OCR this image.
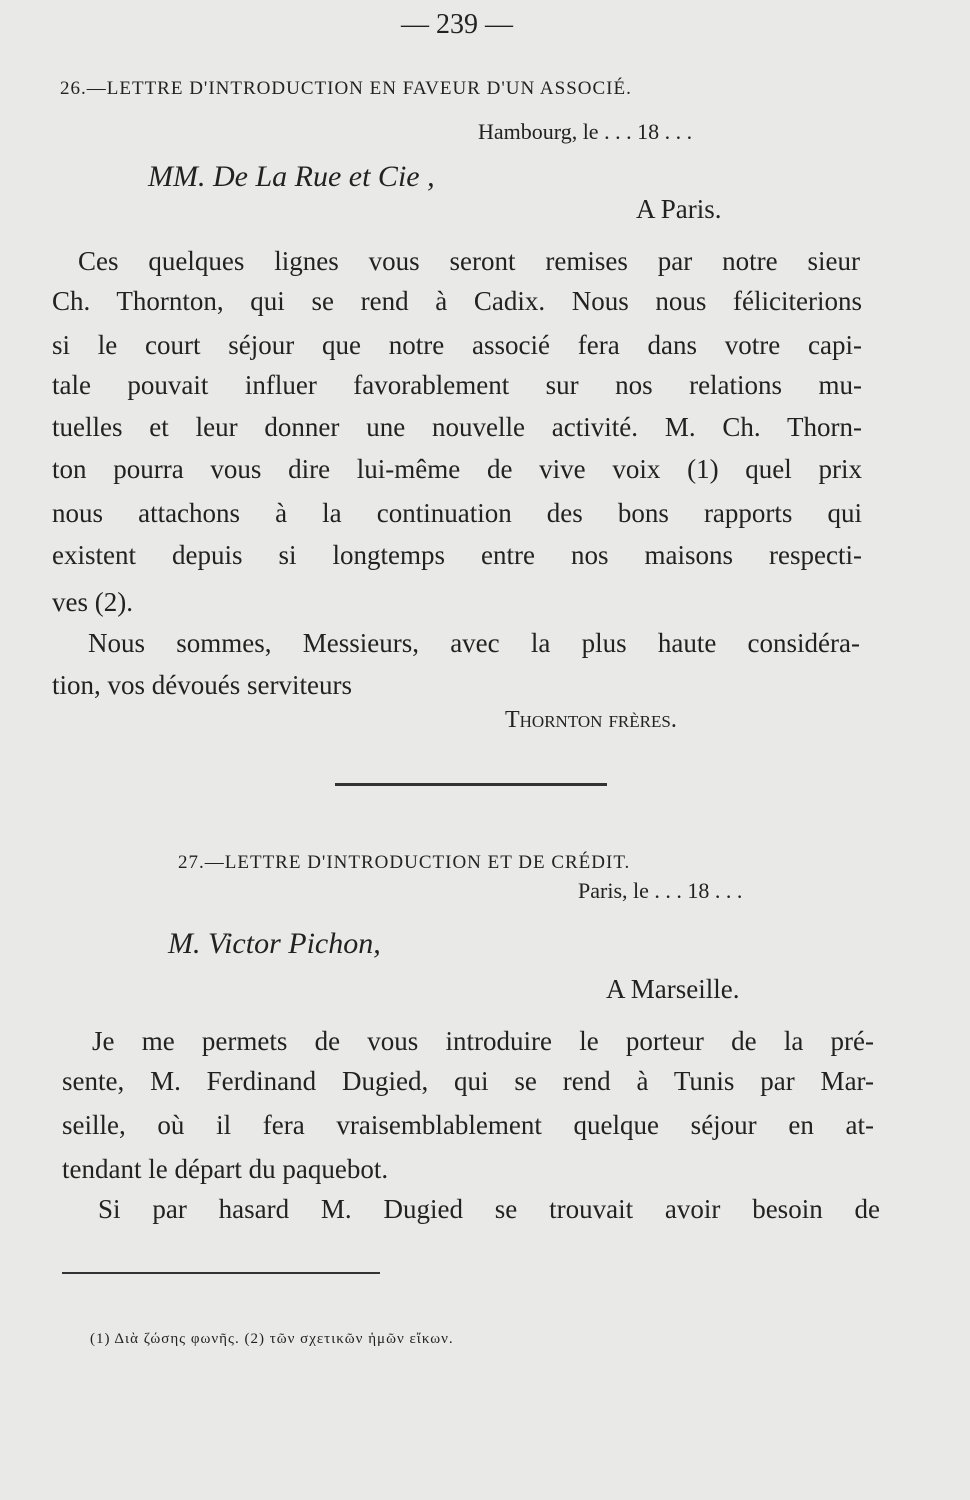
— 239 —
26.—LETTRE D'INTRODUCTION EN FAVEUR D'UN ASSOCIÉ.
Hambourg, le . . . 18 . . .
MM. De La Rue et Cie ,
A Paris.
Ces quelques lignes vous seront remises par notre sieur
Ch. Thornton, qui se rend à Cadix. Nous nous féliciterions
si le court séjour que notre associé fera dans votre capi-
tale pouvait influer favorablement sur nos relations mu-
tuelles et leur donner une nouvelle activité. M. Ch. Thorn-
ton pourra vous dire lui-même de vive voix (1) quel prix
nous attachons à la continuation des bons rapports qui
existent depuis si longtemps entre nos maisons respecti-
ves (2).
Nous sommes, Messieurs, avec la plus haute considéra-
tion, vos dévoués serviteurs
Thornton frères.
27.—LETTRE D'INTRODUCTION ET DE CRÉDIT.
Paris, le . . . 18 . . .
M. Victor Pichon,
A Marseille.
Je me permets de vous introduire le porteur de la pré-
sente, M. Ferdinand Dugied, qui se rend à Tunis par Mar-
seille, où il fera vraisemblablement quelque séjour en at-
tendant le départ du paquebot.
Si par hasard M. Dugied se trouvait avoir besoin de
(1) Διὰ ζώσης φωνῆς. (2) τῶν σχετικῶν ἡμῶν εἴκων.
